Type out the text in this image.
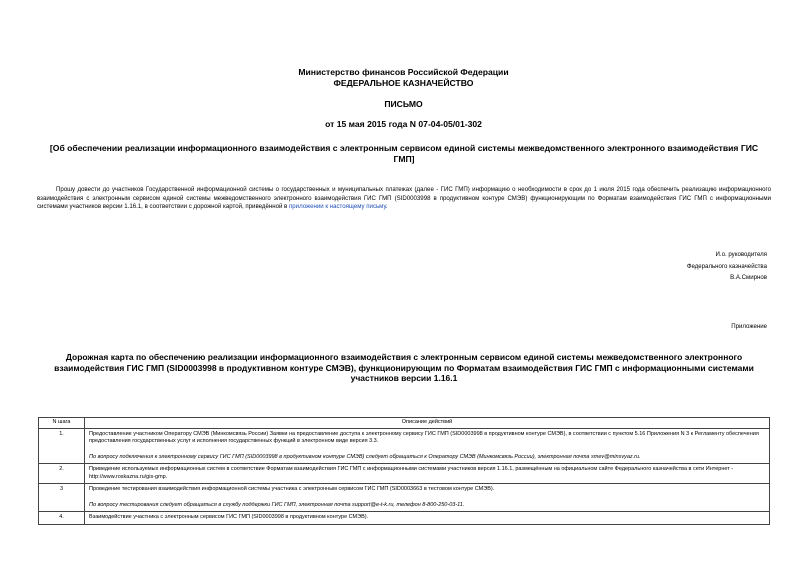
Министерство финансов Российской Федерации
ФЕДЕРАЛЬНОЕ КАЗНАЧЕЙСТВО
ПИСЬМО
от 15 мая 2015 года N 07-04-05/01-302
[Об обеспечении реализации информационного взаимодействия с электронным сервисом единой системы межведомственного электронного взаимодействия ГИС ГМП]
Прошу довести до участников Государственной информационной системы о государственных и муниципальных платежах (далее - ГИС ГМП) информацию о необходимости в срок до 1 июля 2015 года обеспечить реализацию информационного взаимодействия с электронным сервисом единой системы межведомственного электронного взаимодействия ГИС ГМП (SID0003998 в продуктивном контуре СМЭВ) функционирующим по Форматам взаимодействия ГИС ГМП с информационными системами участников версии 1.16.1, в соответствии с дорожной картой, приведённой в приложении к настоящему письму.
И.о. руководителя
Федерального казначейства
В.А.Смирнов
Приложение
Дорожная карта по обеспечению реализации информационного взаимодействия с электронным сервисом единой системы межведомственного электронного взаимодействия ГИС ГМП (SID0003998 в продуктивном контуре СМЭВ), функционирующим по Форматам взаимодействия ГИС ГМП с информационными системами участников версии 1.16.1
N шага	Описание действий
1.	Предоставление участником Оператору СМЭВ (Минкомсвязь России) Заявки на предоставление доступа к электронному сервису ГИС ГМП (SID0003998 в продуктивном контуре СМЭВ), в соответствии с пунктом 5.16 Приложения N 3 к Регламенту обеспечения предоставления государственных услуг и исполнения государственных функций в электронном виде версия 3.3.
По вопросу подключения к электронному сервису ГИС ГМП (SID0003998 в продуктивном контуре СМЭВ) следует обращаться к Оператору СМЭВ (Минкомсвязь России), электронная почта smev@minsvyaz.ru.

2.	Приведение используемых информационных систем в соответствие Форматам взаимодействия ГИС ГМП с информационными системами участников версия 1.16.1, размещённым на официальном сайте Федерального казначейства в сети Интернет - http://www.roskazna.ru/gis-gmp.

3	Проведение тестирования взаимодействия информационной системы участника с электронным сервисом ГИС ГМП (SID0003663 в тестовом контуре СМЭВ).
По вопросу тестирования следует обращаться в службу поддержки ГИС ГМП, электронная почта support@e-t-k.ru, телефон 8-800-250-03-11.

4.	Взаимодействие участника с электронным сервисом ГИС ГМП (SID0003998 в продуктивном контуре СМЭВ).
